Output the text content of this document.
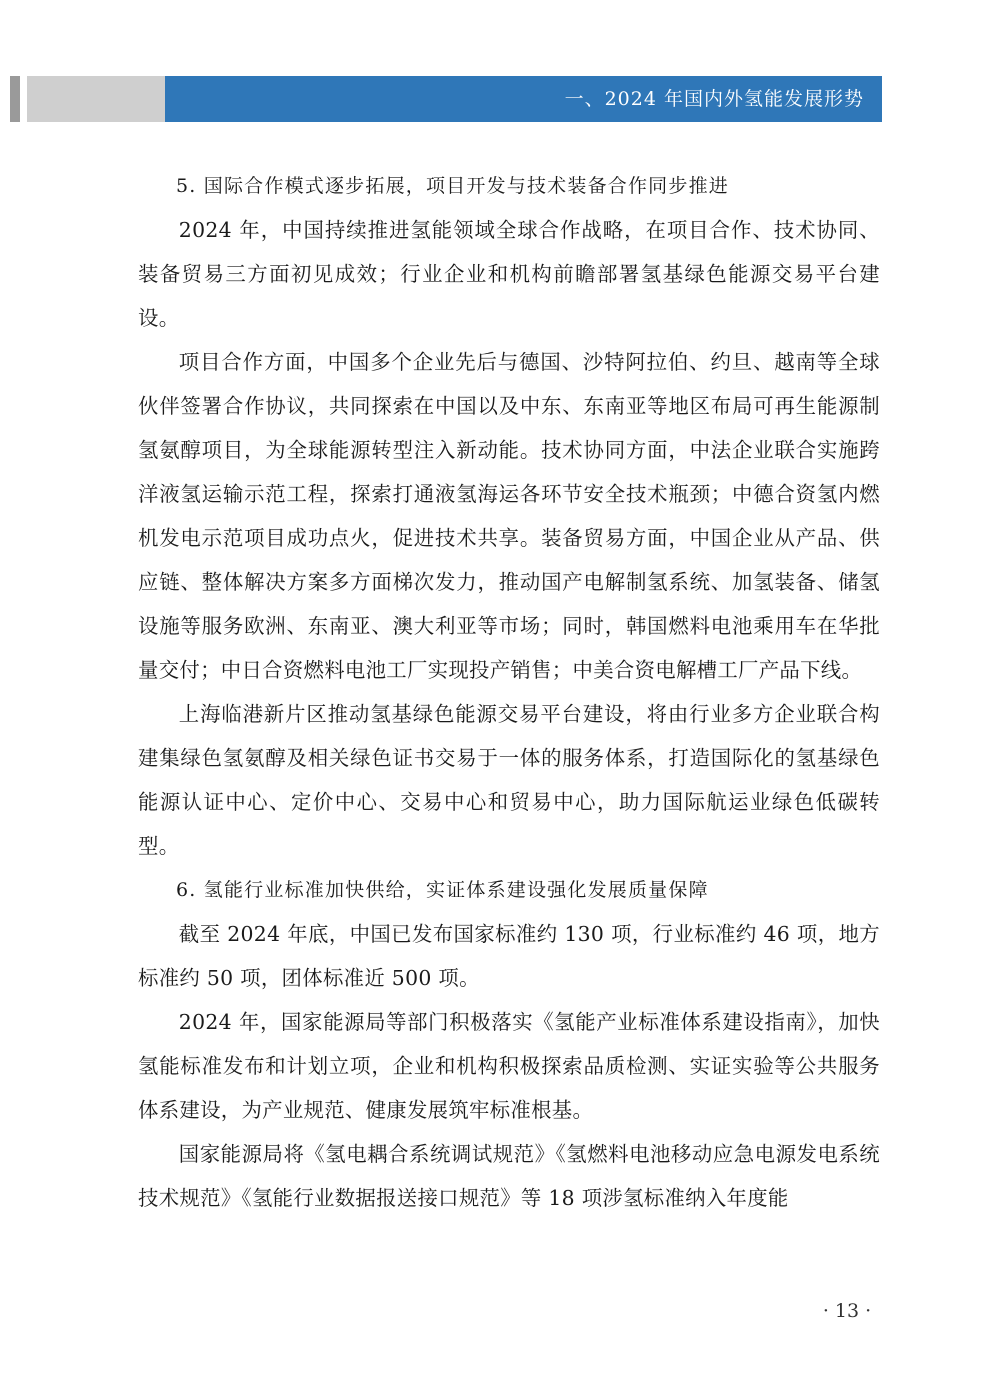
一、2024 年国内外氢能发展形势

5. 国际合作模式逐步拓展，项目开发与技术装备合作同步推进

2024 年，中国持续推进氢能领域全球合作战略，在项目合作、技术协同、装备贸易三方面初见成效；行业企业和机构前瞻部署氢基绿色能源交易平台建设。

项目合作方面，中国多个企业先后与德国、沙特阿拉伯、约旦、越南等全球伙伴签署合作协议，共同探索在中国以及中东、东南亚等地区布局可再生能源制氢氨醇项目，为全球能源转型注入新动能。技术协同方面，中法企业联合实施跨洋液氢运输示范工程，探索打通液氢海运各环节安全技术瓶颈；中德合资氢内燃机发电示范项目成功点火，促进技术共享。装备贸易方面，中国企业从产品、供应链、整体解决方案多方面梯次发力，推动国产电解制氢系统、加氢装备、储氢设施等服务欧洲、东南亚、澳大利亚等市场；同时，韩国燃料电池乘用车在华批量交付；中日合资燃料电池工厂实现投产销售；中美合资电解槽工厂产品下线。

上海临港新片区推动氢基绿色能源交易平台建设，将由行业多方企业联合构建集绿色氢氨醇及相关绿色证书交易于一体的服务体系，打造国际化的氢基绿色能源认证中心、定价中心、交易中心和贸易中心，助力国际航运业绿色低碳转型。

6. 氢能行业标准加快供给，实证体系建设强化发展质量保障

截至 2024 年底，中国已发布国家标准约 130 项，行业标准约 46 项，地方标准约 50 项，团体标准近 500 项。

2024 年，国家能源局等部门积极落实《氢能产业标准体系建设指南》，加快氢能标准发布和计划立项，企业和机构积极探索品质检测、实证实验等公共服务体系建设，为产业规范、健康发展筑牢标准根基。

国家能源局将《氢电耦合系统调试规范》《氢燃料电池移动应急电源发电系统技术规范》《氢能行业数据报送接口规范》等 18 项涉氢标准纳入年度能

· 13 ·
